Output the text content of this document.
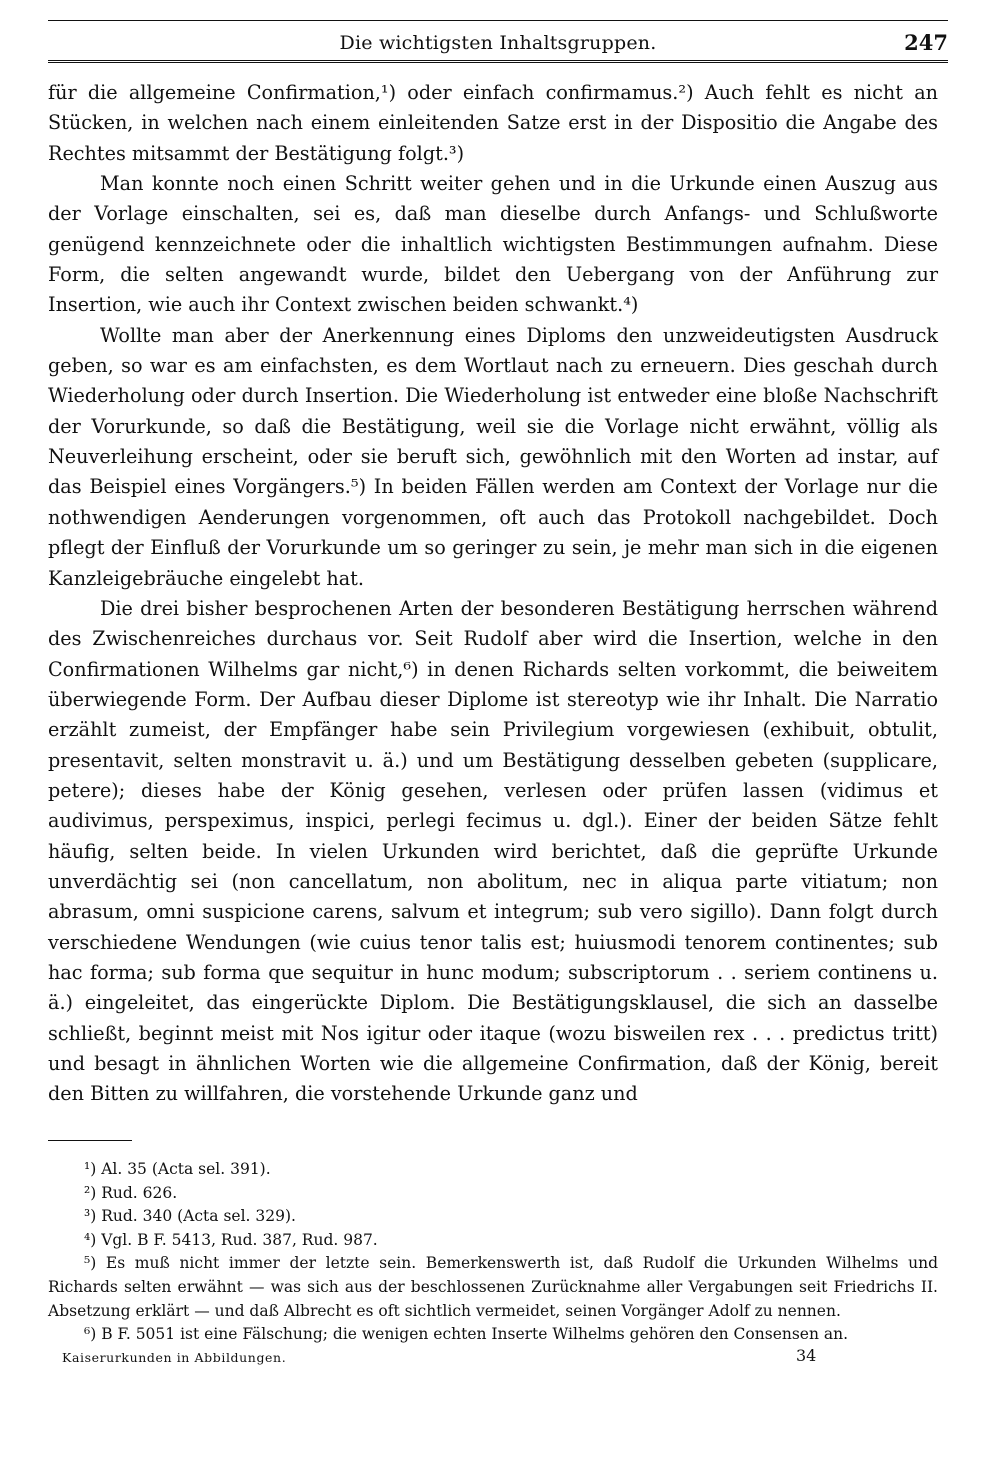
Die wichtigsten Inhaltsgruppen.	247

für die allgemeine Confirmation,¹) oder einfach confirmamus.²) Auch fehlt es nicht an Stücken, in welchen nach einem einleitenden Satze erst in der Dispositio die Angabe des Rechtes mitsammt der Bestätigung folgt.³)

Man konnte noch einen Schritt weiter gehen und in die Urkunde einen Auszug aus der Vorlage einschalten, sei es, daß man dieselbe durch Anfangs- und Schlußworte genügend kennzeichnete oder die inhaltlich wichtigsten Bestimmungen aufnahm. Diese Form, die selten angewandt wurde, bildet den Uebergang von der Anführung zur Insertion, wie auch ihr Context zwischen beiden schwankt.⁴)

Wollte man aber der Anerkennung eines Diploms den unzweideutigsten Ausdruck geben, so war es am einfachsten, es dem Wortlaut nach zu erneuern. Dies geschah durch Wiederholung oder durch Insertion. Die Wiederholung ist entweder eine bloße Nachschrift der Vorurkunde, so daß die Bestätigung, weil sie die Vorlage nicht erwähnt, völlig als Neuverleihung erscheint, oder sie beruft sich, gewöhnlich mit den Worten ad instar, auf das Beispiel eines Vorgängers.⁵) In beiden Fällen werden am Context der Vorlage nur die nothwendigen Aenderungen vorgenommen, oft auch das Protokoll nachgebildet. Doch pflegt der Einfluß der Vorurkunde um so geringer zu sein, je mehr man sich in die eigenen Kanzleigebräuche eingelebt hat.

Die drei bisher besprochenen Arten der besonderen Bestätigung herrschen während des Zwischenreiches durchaus vor. Seit Rudolf aber wird die Insertion, welche in den Confirmationen Wilhelms gar nicht,⁶) in denen Richards selten vorkommt, die beiweitem überwiegende Form. Der Aufbau dieser Diplome ist stereotyp wie ihr Inhalt. Die Narratio erzählt zumeist, der Empfänger habe sein Privilegium vorgewiesen (exhibuit, obtulit, presentavit, selten monstravit u. ä.) und um Bestätigung desselben gebeten (supplicare, petere); dieses habe der König gesehen, verlesen oder prüfen lassen (vidimus et audivimus, perspeximus, inspici, perlegi fecimus u. dgl.). Einer der beiden Sätze fehlt häufig, selten beide. In vielen Urkunden wird berichtet, daß die geprüfte Urkunde unverdächtig sei (non cancellatum, non abolitum, nec in aliqua parte vitiatum; non abrasum, omni suspicione carens, salvum et integrum; sub vero sigillo). Dann folgt durch verschiedene Wendungen (wie cuius tenor talis est; huiusmodi tenorem continentes; sub hac forma; sub forma que sequitur in hunc modum; subscriptorum . . seriem continens u. ä.) eingeleitet, das eingerückte Diplom. Die Bestätigungsklausel, die sich an dasselbe schließt, beginnt meist mit Nos igitur oder itaque (wozu bisweilen rex . . . predictus tritt) und besagt in ähnlichen Worten wie die allgemeine Confirmation, daß der König, bereit den Bitten zu willfahren, die vorstehende Urkunde ganz und

¹) Al. 35 (Acta sel. 391).

²) Rud. 626.

³) Rud. 340 (Acta sel. 329).

⁴) Vgl. B F. 5413, Rud. 387, Rud. 987.

⁵) Es muß nicht immer der letzte sein. Bemerkenswerth ist, daß Rudolf die Urkunden Wilhelms und Richards selten erwähnt — was sich aus der beschlossenen Zurücknahme aller Vergabungen seit Friedrichs II. Absetzung erklärt — und daß Albrecht es oft sichtlich vermeidet, seinen Vorgänger Adolf zu nennen.

⁶) B F. 5051 ist eine Fälschung; die wenigen echten Inserte Wilhelms gehören den Consensen an.

Kaiserurkunden in Abbildungen.	34
